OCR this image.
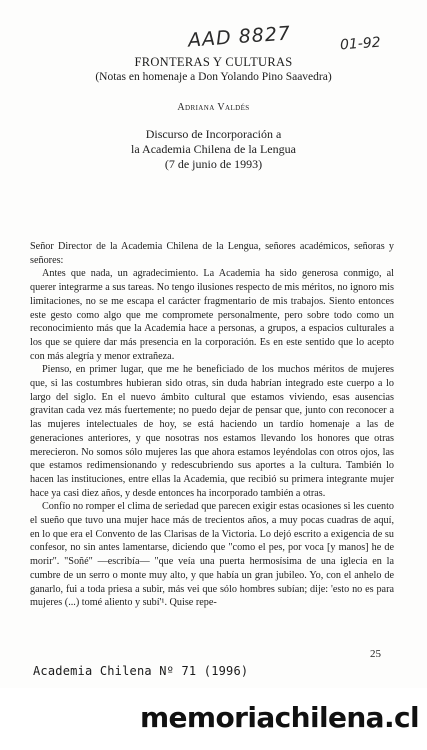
AAD 8827	01-92
FRONTERAS Y CULTURAS
(Notas en homenaje a Don Yolando Pino Saavedra)
Adriana Valdés
Discurso de Incorporación a
la Academia Chilena de la Lengua
(7 de junio de 1993)

Señor Director de la Academia Chilena de la Lengua, señores académicos, señoras y señores:

Antes que nada, un agradecimiento. La Academia ha sido generosa conmigo, al querer integrarme a sus tareas. No tengo ilusiones respecto de mis méritos, no ignoro mis limitaciones, no se me escapa el carácter fragmentario de mis trabajos. Siento entonces este gesto como algo que me compromete personalmente, pero sobre todo como un reconocimiento más que la Academia hace a personas, a grupos, a espacios culturales a los que se quiere dar más presencia en la corporación. Es en este sentido que lo acepto con más alegría y menor extrañeza.

Pienso, en primer lugar, que me he beneficiado de los muchos méritos de mujeres que, si las costumbres hubieran sido otras, sin duda habrían integrado este cuerpo a lo largo del siglo. En el nuevo ámbito cultural que estamos viviendo, esas ausencias gravitan cada vez más fuertemente; no puedo dejar de pensar que, junto con reconocer a las mujeres intelectuales de hoy, se está haciendo un tardío homenaje a las de generaciones anteriores, y que nosotras nos estamos llevando los honores que otras merecieron. No somos sólo mujeres las que ahora estamos leyéndolas con otros ojos, las que estamos redimensionando y redescubriendo sus aportes a la cultura. También lo hacen las instituciones, entre ellas la Academia, que recibió su primera integrante mujer hace ya casi diez años, y desde entonces ha incorporado también a otras.

Confío no romper el clima de seriedad que parecen exigir estas ocasiones si les cuento el sueño que tuvo una mujer hace más de trecientos años, a muy pocas cuadras de aquí, en lo que era el Convento de las Clarisas de la Victoria. Lo dejó escrito a exigencia de su confesor, no sin antes lamentarse, diciendo que "como el pes, por voca [y manos] he de morir". "Soñé" —escribía— "que veía una puerta hermosísima de una iglecia en la cumbre de un serro o monte muy alto, y que había un gran jubileo. Yo, con el anhelo de ganarlo, fui a toda priesa a subir, más vei que sólo hombres subían; dije: 'esto no es para mujeres (...) tomé aliento y subí'¹. Quise repe-

25
Academia Chilena Nº 71 (1996)
memoriachilena.cl
